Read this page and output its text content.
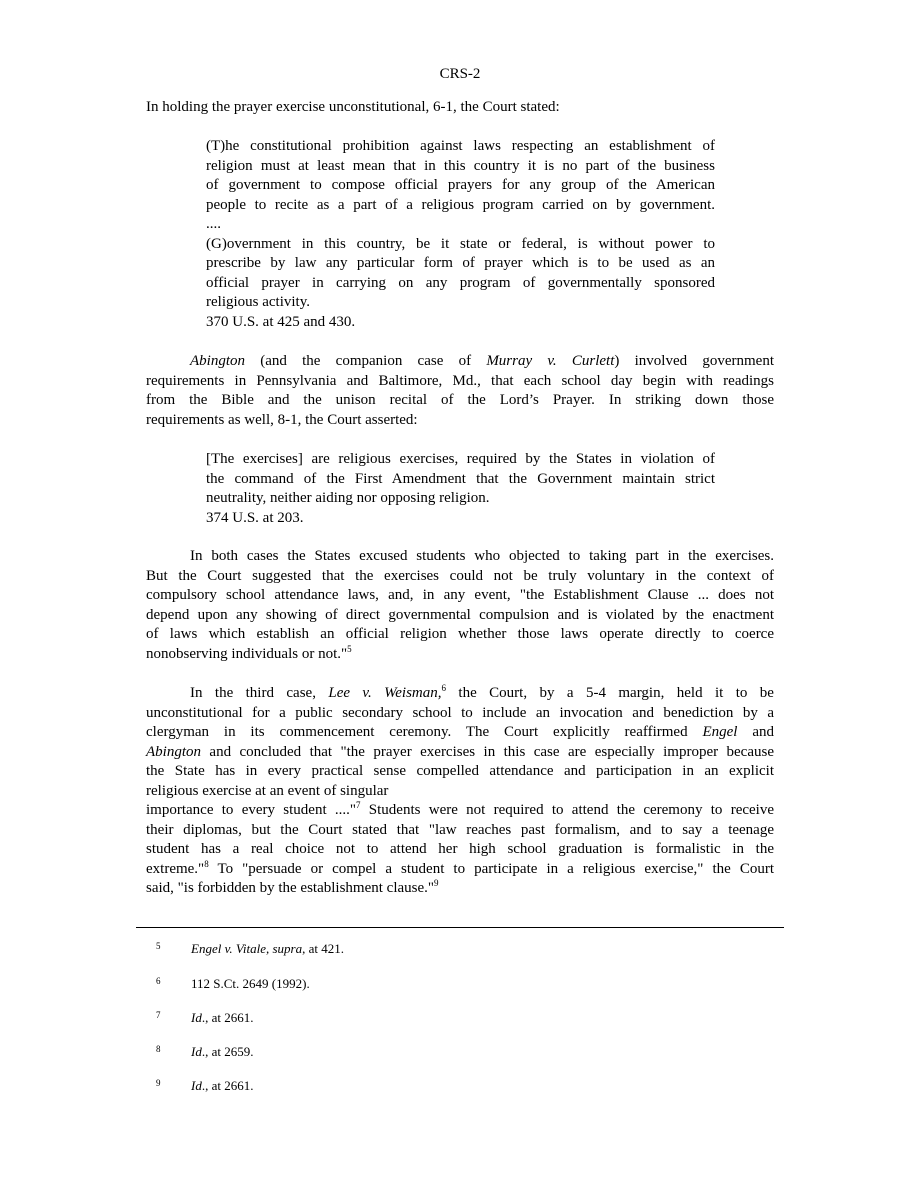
CRS-2
In holding the prayer exercise unconstitutional, 6-1, the Court stated:
(T)he constitutional prohibition against laws respecting an establishment of
religion must at least mean that in this country it is no part of the business
of government to compose official prayers for any group of the American
people to recite as a part of a religious program carried on by government.
....
(G)overnment in this country, be it state or federal, is without power to
prescribe by law any particular form of prayer which is to be used as an
official prayer in carrying on any program of governmentally sponsored
religious activity.
370 U.S. at 425 and 430.
Abington (and the companion case of Murray v. Curlett) involved government
requirements in Pennsylvania and Baltimore, Md., that each school day begin with readings
from the Bible and the unison recital of the Lord’s Prayer. In striking down those
requirements as well, 8-1, the Court asserted:
[The exercises] are religious exercises, required by the States in violation of
the command of the First Amendment that the Government maintain strict
neutrality, neither aiding nor opposing religion.
374 U.S. at 203.
In both cases the States excused students who objected to taking part in the exercises.
But the Court suggested that the exercises could not be truly voluntary in the context of
compulsory school attendance laws, and, in any event, "the Establishment Clause ... does not
depend upon any showing of direct governmental compulsion and is violated by the enactment
of laws which establish an official religion whether those laws operate directly to coerce
nonobserving individuals or not."$^5$
In the third case, Lee v. Weisman,$^6$ the Court, by a 5-4 margin, held it to be
unconstitutional for a public secondary school to include an invocation and benediction by a
clergyman in its commencement ceremony. The Court explicitly reaffirmed Engel and
Abington and concluded that "the prayer exercises in this case are especially improper because
the State has in every practical sense compelled attendance and participation in an explicit
religious exercise at an event of singular
importance to every student ...."$^7$ Students were not required to attend the ceremony to receive
their diplomas, but the Court stated that "law reaches past formalism, and to say a teenage
student has a real choice not to attend her high school graduation is formalistic in the
extreme."$^8$ To "persuade or compel a student to participate in a religious exercise," the Court
said, "is forbidden by the establishment clause."$^9$
5 Engel v. Vitale, supra, at 421.
6 112 S.Ct. 2649 (1992).
7 Id., at 2661.
8 Id., at 2659.
9 Id., at 2661.
